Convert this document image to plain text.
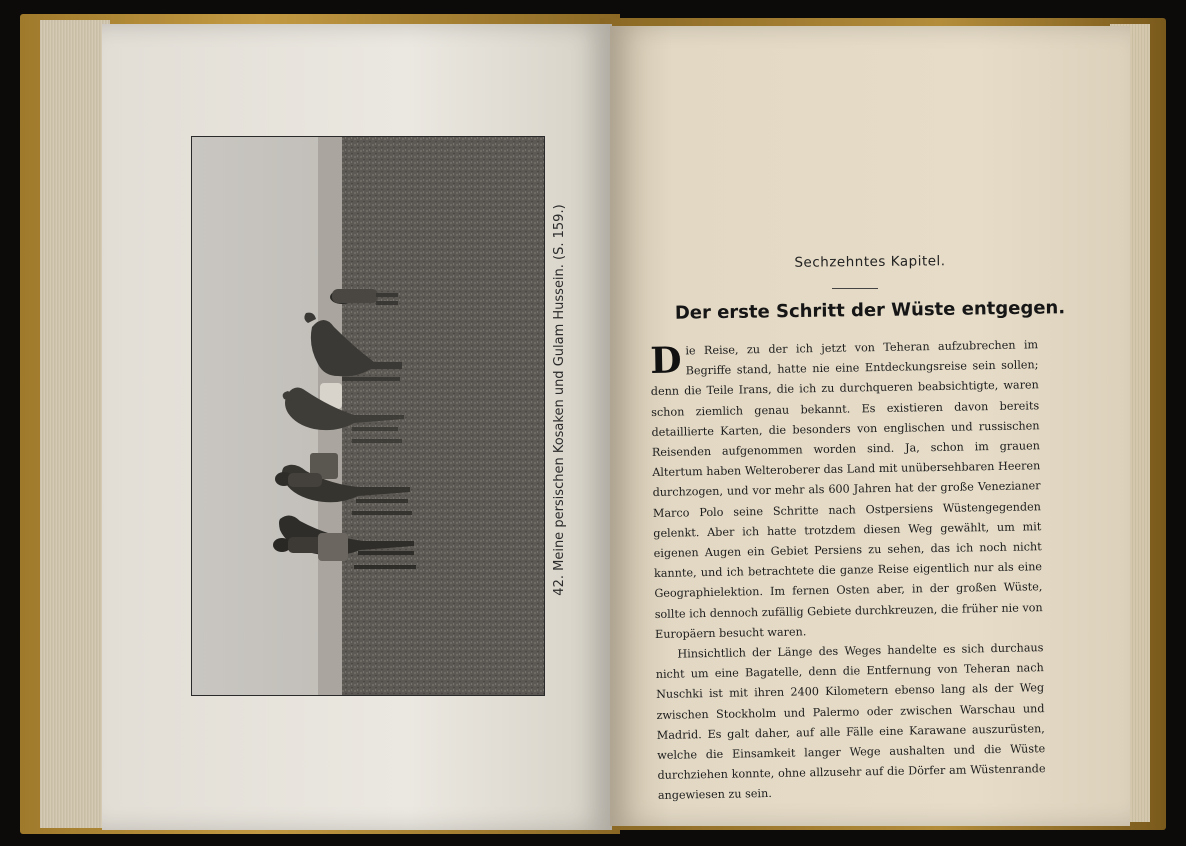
42. Meine persischen Kosaken und Gulam Hussein. (S. 159.)	Sechzehntes Kapitel.
Der erste Schritt der Wüste entgegen.

Die Reise, zu der ich jetzt von Teheran aufzubrechen im Begriffe stand, hatte nie eine Entdeckungsreise sein sollen; denn die Teile Irans, die ich zu durchqueren beabsichtigte, waren schon ziemlich genau bekannt. Es existieren davon bereits detaillierte Karten, die besonders von englischen und russischen Reisenden aufgenommen worden sind. Ja, schon im grauen Altertum haben Welteroberer das Land mit unübersehbaren Heeren durchzogen, und vor mehr als 600 Jahren hat der große Venezianer Marco Polo seine Schritte nach Ostpersiens Wüstengegenden gelenkt. Aber ich hatte trotzdem diesen Weg gewählt, um mit eigenen Augen ein Gebiet Persiens zu sehen, das ich noch nicht kannte, und ich betrachtete die ganze Reise eigentlich nur als eine Geographielektion. Im fernen Osten aber, in der großen Wüste, sollte ich dennoch zufällig Gebiete durchkreuzen, die früher nie von Europäern besucht waren.

Hinsichtlich der Länge des Weges handelte es sich durchaus nicht um eine Bagatelle, denn die Entfernung von Teheran nach Nuschki ist mit ihren 2400 Kilometern ebenso lang als der Weg zwischen Stockholm und Palermo oder zwischen Warschau und Madrid. Es galt daher, auf alle Fälle eine Karawane auszurüsten, welche die Einsamkeit langer Wege aushalten und die Wüste durchziehen konnte, ohne allzusehr auf die Dörfer am Wüstenrande angewiesen zu sein.
